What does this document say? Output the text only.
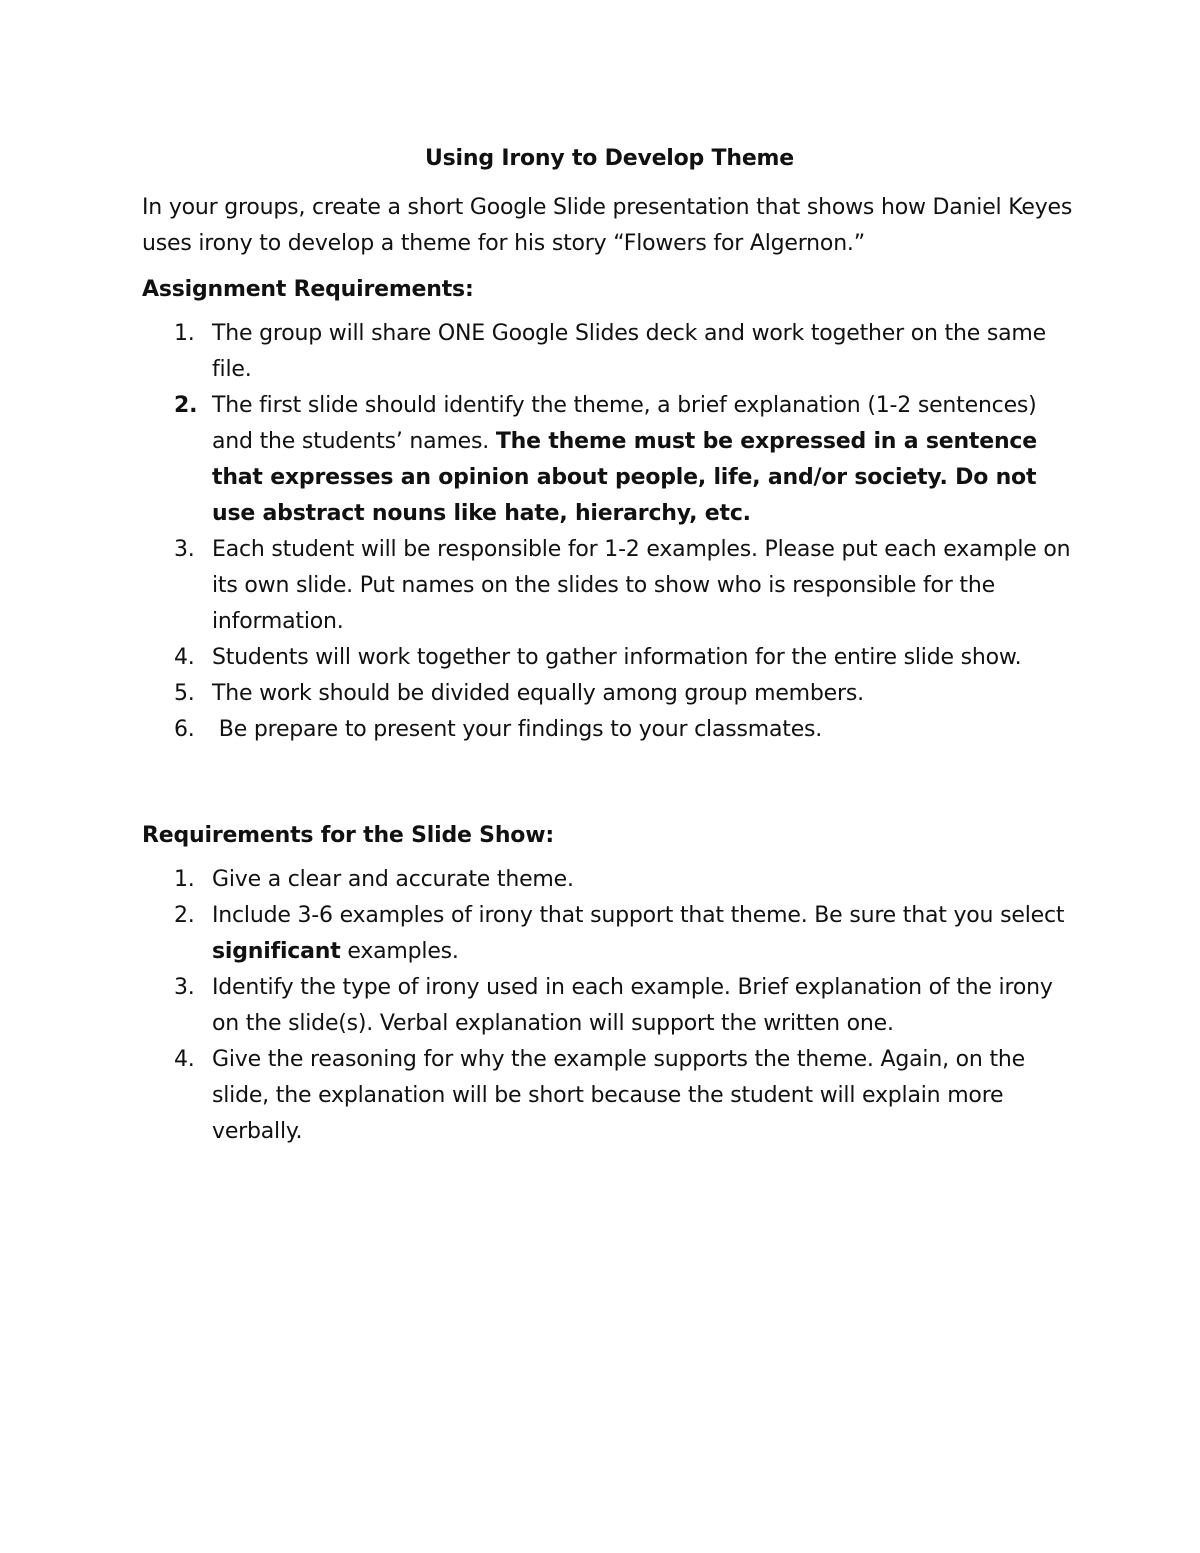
Using Irony to Develop Theme

In your groups, create a short Google Slide presentation that shows how Daniel Keyes uses irony to develop a theme for his story “Flowers for Algernon.”

Assignment Requirements:

1. The group will share ONE Google Slides deck and work together on the same file.
2. The first slide should identify the theme, a brief explanation (1-2 sentences) and the students’ names. The theme must be expressed in a sentence that expresses an opinion about people, life, and/or society. Do not use abstract nouns like hate, hierarchy, etc.
3. Each student will be responsible for 1-2 examples. Please put each example on its own slide. Put names on the slides to show who is responsible for the information.
4. Students will work together to gather information for the entire slide show.
5. The work should be divided equally among group members.
6. Be prepare to present your findings to your classmates.

Requirements for the Slide Show:

1. Give a clear and accurate theme.
2. Include 3-6 examples of irony that support that theme. Be sure that you select significant examples.
3. Identify the type of irony used in each example. Brief explanation of the irony on the slide(s). Verbal explanation will support the written one.
4. Give the reasoning for why the example supports the theme. Again, on the slide, the explanation will be short because the student will explain more verbally.
